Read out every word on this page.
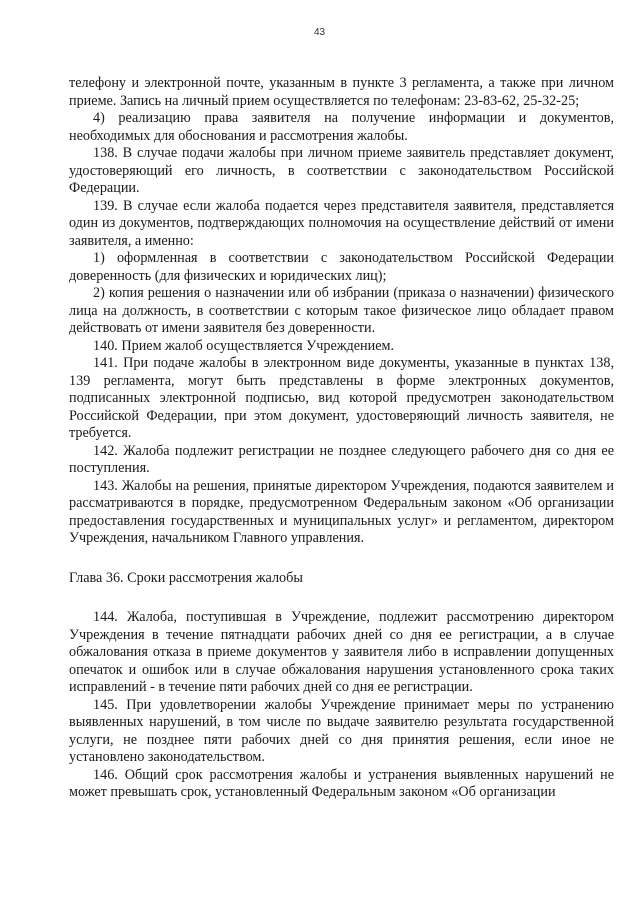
43

телефону и электронной почте, указанным в пункте 3 регламента, а также при личном приеме. Запись на личный прием осуществляется по телефонам: 23-83-62, 25-32-25;

4) реализацию права заявителя на получение информации и документов, необходимых для обоснования и рассмотрения жалобы.

138. В случае подачи жалобы при личном приеме заявитель представляет документ, удостоверяющий его личность, в соответствии с законодательством Российской Федерации.

139. В случае если жалоба подается через представителя заявителя, представляется один из документов, подтверждающих полномочия на осуществление действий от имени заявителя, а именно:

1) оформленная в соответствии с законодательством Российской Федерации доверенность (для физических и юридических лиц);

2) копия решения о назначении или об избрании (приказа о назначении) физического лица на должность, в соответствии с которым такое физическое лицо обладает правом действовать от имени заявителя без доверенности.

140. Прием жалоб осуществляется Учреждением.

141. При подаче жалобы в электронном виде документы, указанные в пунктах 138, 139 регламента, могут быть представлены в форме электронных документов, подписанных электронной подписью, вид которой предусмотрен законодательством Российской Федерации, при этом документ, удостоверяющий личность заявителя, не требуется.

142. Жалоба подлежит регистрации не позднее следующего рабочего дня со дня ее поступления.

143. Жалобы на решения, принятые директором Учреждения, подаются заявителем и рассматриваются в порядке, предусмотренном Федеральным законом «Об организации предоставления государственных и муниципальных услуг» и регламентом, директором Учреждения, начальником Главного управления.

Глава 36. Сроки рассмотрения жалобы

144. Жалоба, поступившая в Учреждение, подлежит рассмотрению директором Учреждения в течение пятнадцати рабочих дней со дня ее регистрации, а в случае обжалования отказа в приеме документов у заявителя либо в исправлении допущенных опечаток и ошибок или в случае обжалования нарушения установленного срока таких исправлений - в течение пяти рабочих дней со дня ее регистрации.

145. При удовлетворении жалобы Учреждение принимает меры по устранению выявленных нарушений, в том числе по выдаче заявителю результата государственной услуги, не позднее пяти рабочих дней со дня принятия решения, если иное не установлено законодательством.

146. Общий срок рассмотрения жалобы и устранения выявленных нарушений не может превышать срок, установленный Федеральным законом «Об организации
